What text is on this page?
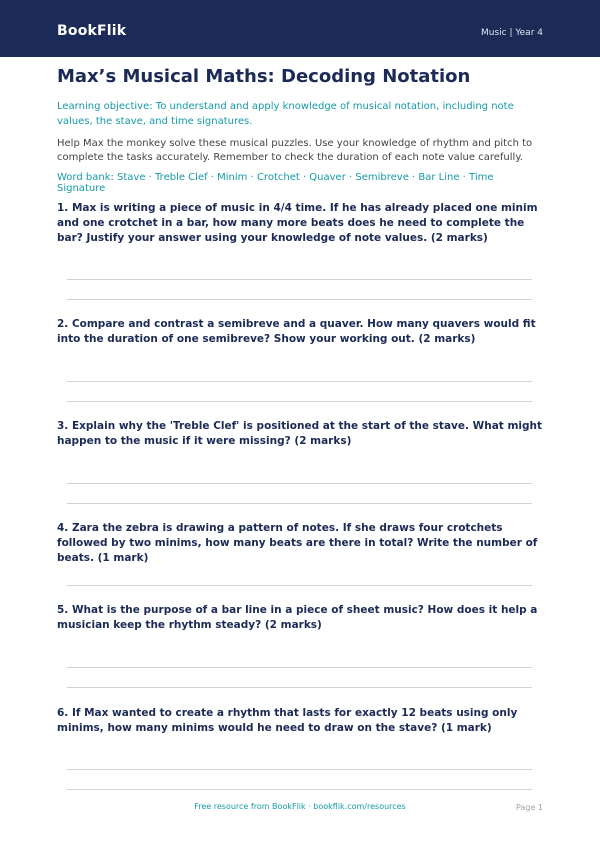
BookFlik	Music | Year 4
Max’s Musical Maths: Decoding Notation

Learning objective: To understand and apply knowledge of musical notation, including note values, the stave, and time signatures.

Help Max the monkey solve these musical puzzles. Use your knowledge of rhythm and pitch to complete the tasks accurately. Remember to check the duration of each note value carefully.

Word bank: Stave · Treble Clef · Minim · Crotchet · Quaver · Semibreve · Bar Line · Time Signature

1. Max is writing a piece of music in 4/4 time. If he has already placed one minim and one crotchet in a bar, how many more beats does he need to complete the bar? Justify your answer using your knowledge of note values. (2 marks)

2. Compare and contrast a semibreve and a quaver. How many quavers would fit into the duration of one semibreve? Show your working out. (2 marks)

3. Explain why the 'Treble Clef' is positioned at the start of the stave. What might happen to the music if it were missing? (2 marks)

4. Zara the zebra is drawing a pattern of notes. If she draws four crotchets followed by two minims, how many beats are there in total? Write the number of beats. (1 mark)

5. What is the purpose of a bar line in a piece of sheet music? How does it help a musician keep the rhythm steady? (2 marks)

6. If Max wanted to create a rhythm that lasts for exactly 12 beats using only minims, how many minims would he need to draw on the stave? (1 mark)

Free resource from BookFlik · bookflik.com/resources	Page 1
